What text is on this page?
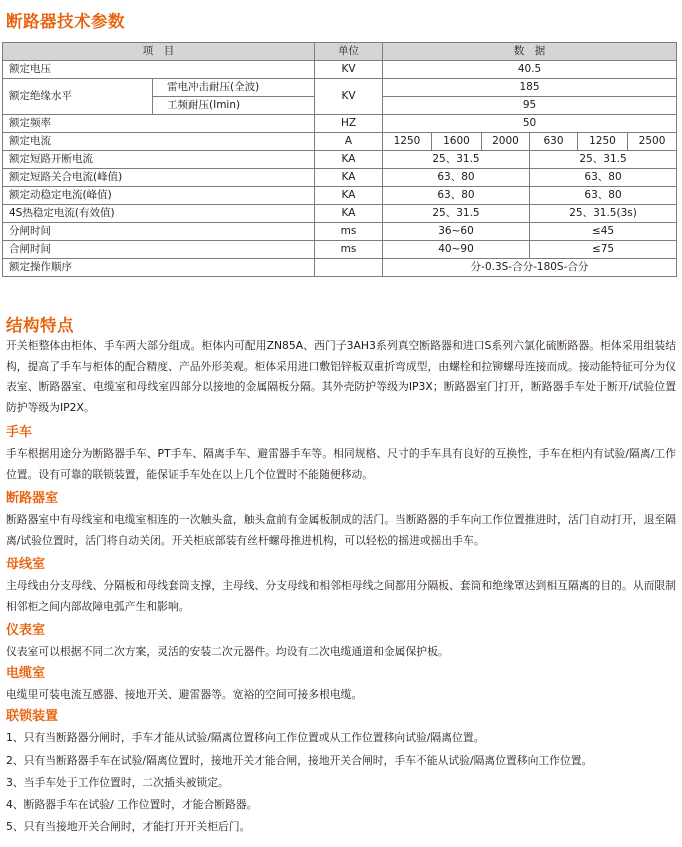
断路器技术参数
项　目		单位	数　据					
额定电压		KV	40.5					
额定绝缘水平	雷电冲击耐压(全波)	KV	185					
	工频耐压(Imin)		95					
额定频率		HZ	50					
额定电流		A	1250	1600	2000	630	1250	2500
额定短路开断电流		KA	25、31.5			25、31.5		
额定短路关合电流(峰值)		KA	63、80			63、80		
额定动稳定电流(峰值)		KA	63、80			63、80		
4S热稳定电流(有效值)		KA	25、31.5			25、31.5(3s)		
分闸时间		ms	36~60			≤45		
合闸时间		ms	40~90			≤75		
额定操作顺序			分-0.3S-合分-180S-合分					
结构特点

开关柜整体由柜体、手车两大部分组成。柜体内可配用ZN85A、西门子3AH3系列真空断路器和进口S系列六氯化硫断路器。柜体采用组装结构，提高了手车与柜体的配合精度、产品外形美观。柜体采用进口敷铝锌板双重折弯成型，由螺栓和拉铆螺母连接而成。接动能特征可分为仪表室、断路器室、电缆室和母线室四部分以接地的金属隔板分隔。其外壳防护等级为IP3X；断路器室门打开，断路器手车处于断开/试验位置防护等级为IP2X。

手车

手车根据用途分为断路器手车、PT手车、隔离手车、避雷器手车等。相同规格、尺寸的手车具有良好的互换性，手车在柜内有试验/隔离/工作位置。设有可靠的联锁装置，能保证手车处在以上几个位置时不能随便移动。

断路器室

断路器室中有母线室和电缆室相连的一次触头盒，触头盒前有金属板制成的活门。当断路器的手车向工作位置推进时，活门自动打开，退至隔离/试验位置时，活门将自动关闭。开关柜底部装有丝杆螺母推进机构，可以轻松的摇进或摇出手车。

母线室

主母线由分支母线、分隔板和母线套筒支撑，主母线、分支母线和相邻柜母线之间都用分隔板、套筒和绝缘罩达到相互隔离的目的。从而限制相邻柜之间内部故障电弧产生和影响。

仪表室

仪表室可以根据不同二次方案，灵活的安装二次元器件。均设有二次电缆通道和金属保护板。

电缆室

电缆里可装电流互感器、接地开关、避雷器等。宽裕的空间可接多根电缆。

联锁装置

1、只有当断路器分闸时，手车才能从试验/隔离位置移向工作位置或从工作位置移向试验/隔离位置。

2、只有当断路器手车在试验/隔离位置时，接地开关才能合闸，接地开关合闸时，手车不能从试验/隔离位置移向工作位置。

3、当手车处于工作位置时，二次插头被锁定。

4、断路器手车在试验/ 工作位置时，才能合断路器。

5、只有当接地开关合闸时，才能打开开关柜后门。
